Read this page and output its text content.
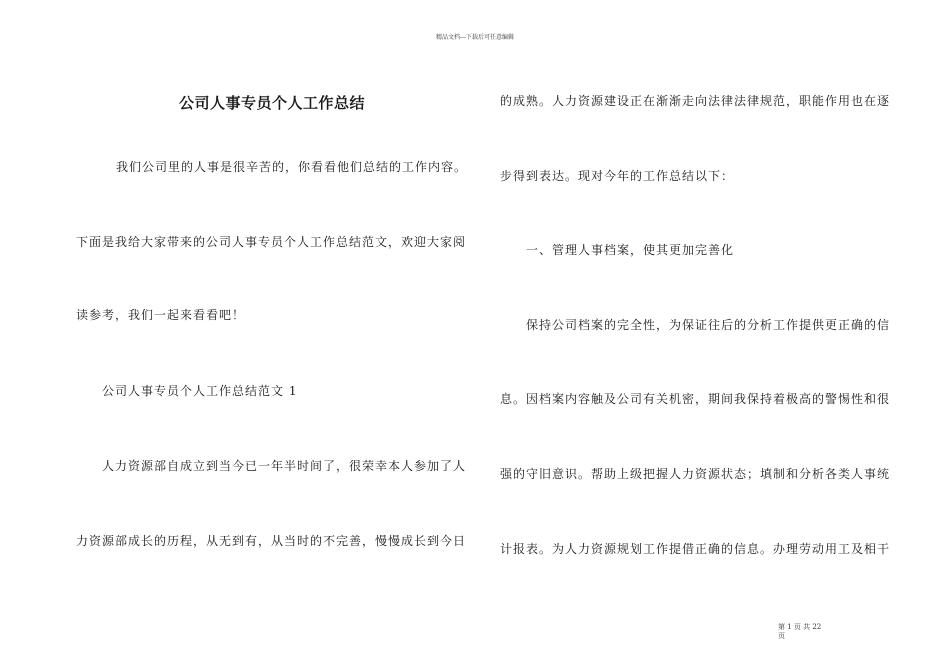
精品文档---下载后可任意编辑
公司人事专员个人工作总结
我们公司里的人事是很辛苦的，你看看他们总结的工作内容。
下面是我给大家带来的公司人事专员个人工作总结范文，欢迎大家阅
读参考，我们一起来看看吧！
公司人事专员个人工作总结范文 1
人力资源部自成立到当今已一年半时间了，很荣幸本人参加了人
力资源部成长的历程，从无到有，从当时的不完善，慢慢成长到今日
的成熟。人力资源建设正在渐渐走向法律法律规范，职能作用也在逐
步得到表达。现对今年的工作总结以下：
一、管理人事档案，使其更加完善化
保持公司档案的完全性，为保证往后的分析工作提供更正确的信
息。因档案内容触及公司有关机密，期间我保持着极高的警惕性和很
强的守旧意识。帮助上级把握人力资源状态；填制和分析各类人事统
计报表。为人力资源规划工作提借正确的信息。办理劳动用工及相干
第 1 页 共 22
页
